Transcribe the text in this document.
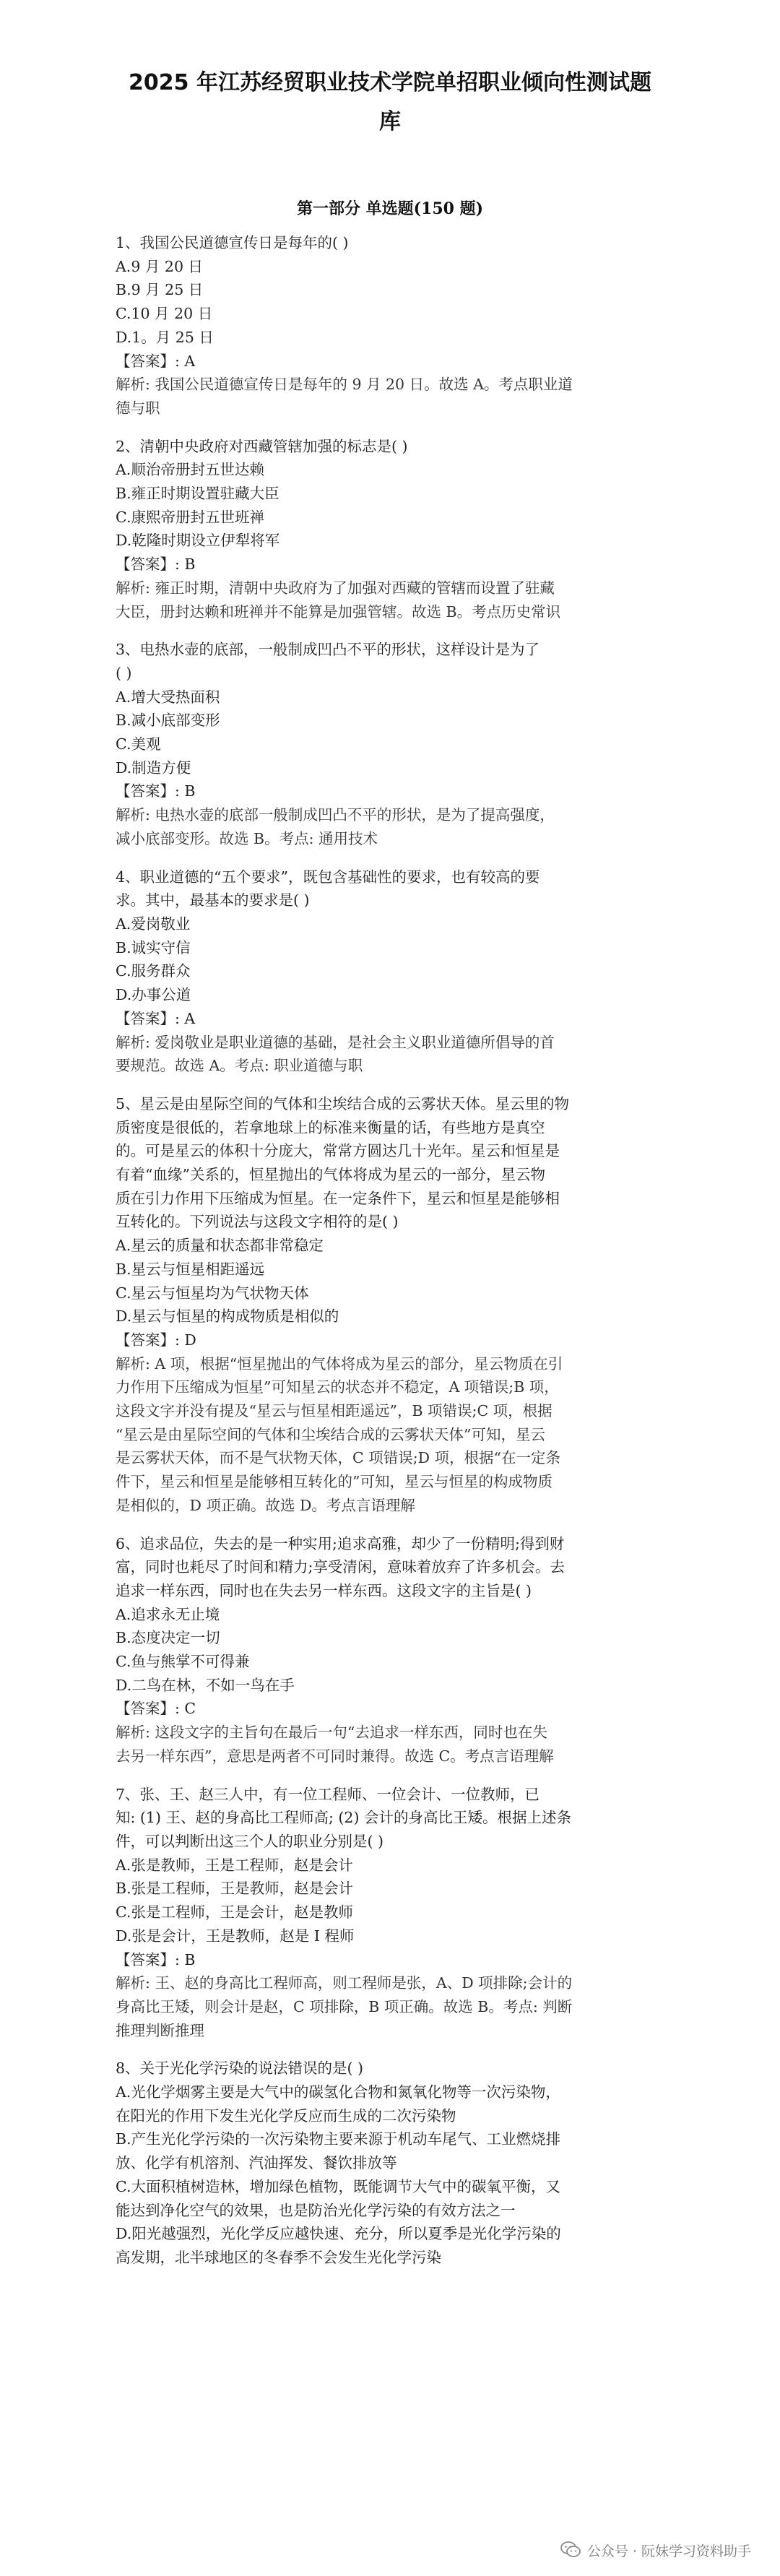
2025 年江苏经贸职业技术学院单招职业倾向性测试题
库
第一部分 单选题(150 题)
1、我国公民道德宣传日是每年的( )
A.9 月 20 日
B.9 月 25 日
C.10 月 20 日
D.1。月 25 日
【答案】: A
解析: 我国公民道德宣传日是每年的 9 月 20 日。故选 A。考点职业道
德与职
2、清朝中央政府对西藏管辖加强的标志是( )
A.顺治帝册封五世达赖
B.雍正时期设置驻藏大臣
C.康熙帝册封五世班禅
D.乾隆时期设立伊犁将军
【答案】: B
解析: 雍正时期，清朝中央政府为了加强对西藏的管辖而设置了驻藏
大臣，册封达赖和班禅并不能算是加强管辖。故选 B。考点历史常识
3、电热水壶的底部，一般制成凹凸不平的形状，这样设计是为了
( )
A.增大受热面积
B.减小底部变形
C.美观
D.制造方便
【答案】: B
解析: 电热水壶的底部一般制成凹凸不平的形状，是为了提高强度，
减小底部变形。故选 B。考点: 通用技术
4、职业道德的“五个要求”，既包含基础性的要求，也有较高的要
求。其中，最基本的要求是( )
A.爱岗敬业
B.诚实守信
C.服务群众
D.办事公道
【答案】: A
解析: 爱岗敬业是职业道德的基础，是社会主义职业道德所倡导的首
要规范。故选 A。考点: 职业道德与职
5、星云是由星际空间的气体和尘埃结合成的云雾状天体。星云里的物
质密度是很低的，若拿地球上的标准来衡量的话，有些地方是真空
的。可是星云的体积十分庞大，常常方圆达几十光年。星云和恒星是
有着“血缘”关系的，恒星抛出的气体将成为星云的一部分，星云物
质在引力作用下压缩成为恒星。在一定条件下，星云和恒星是能够相
互转化的。下列说法与这段文字相符的是( )
A.星云的质量和状态都非常稳定
B.星云与恒星相距遥远
C.星云与恒星均为气状物天体
D.星云与恒星的构成物质是相似的
【答案】: D
解析: A 项，根据“恒星抛出的气体将成为星云的部分，星云物质在引
力作用下压缩成为恒星”可知星云的状态并不稳定，A 项错误;B 项，
这段文字并没有提及“星云与恒星相距遥远”，B 项错误;C 项，根据
“星云是由星际空间的气体和尘埃结合成的云雾状天体”可知，星云
是云雾状天体，而不是气状物天体，C 项错误;D 项，根据“在一定条
件下，星云和恒星是能够相互转化的”可知，星云与恒星的构成物质
是相似的，D 项正确。故选 D。考点言语理解
6、追求品位，失去的是一种实用;追求高雅，却少了一份精明;得到财
富，同时也耗尽了时间和精力;享受清闲，意味着放弃了许多机会。去
追求一样东西，同时也在失去另一样东西。这段文字的主旨是( )
A.追求永无止境
B.态度决定一切
C.鱼与熊掌不可得兼
D.二鸟在林，不如一鸟在手
【答案】: C
解析: 这段文字的主旨句在最后一句“去追求一样东西，同时也在失
去另一样东西”，意思是两者不可同时兼得。故选 C。考点言语理解
7、张、王、赵三人中，有一位工程师、一位会计、一位教师，已
知: (1) 王、赵的身高比工程师高; (2) 会计的身高比王矮。根据上述条
件，可以判断出这三个人的职业分别是( )
A.张是教师，王是工程师，赵是会计
B.张是工程师，王是教师，赵是会计
C.张是工程师，王是会计，赵是教师
D.张是会计，王是教师，赵是 I 程师
【答案】: B
解析: 王、赵的身高比工程师高，则工程师是张，A、D 项排除;会计的
身高比王矮，则会计是赵，C 项排除，B 项正确。故选 B。考点: 判断
推理判断推理
8、关于光化学污染的说法错误的是( )
A.光化学烟雾主要是大气中的碳氢化合物和氮氧化物等一次污染物，
在阳光的作用下发生光化学反应而生成的二次污染物
B.产生光化学污染的一次污染物主要来源于机动车尾气、工业燃烧排
放、化学有机溶剂、汽油挥发、餐饮排放等
C.大面积植树造林，增加绿色植物，既能调节大气中的碳氧平衡，又
能达到净化空气的效果，也是防治光化学污染的有效方法之一
D.阳光越强烈，光化学反应越快速、充分，所以夏季是光化学污染的
高发期，北半球地区的冬春季不会发生光化学污染
公众号 · 阮妹学习资料助手
